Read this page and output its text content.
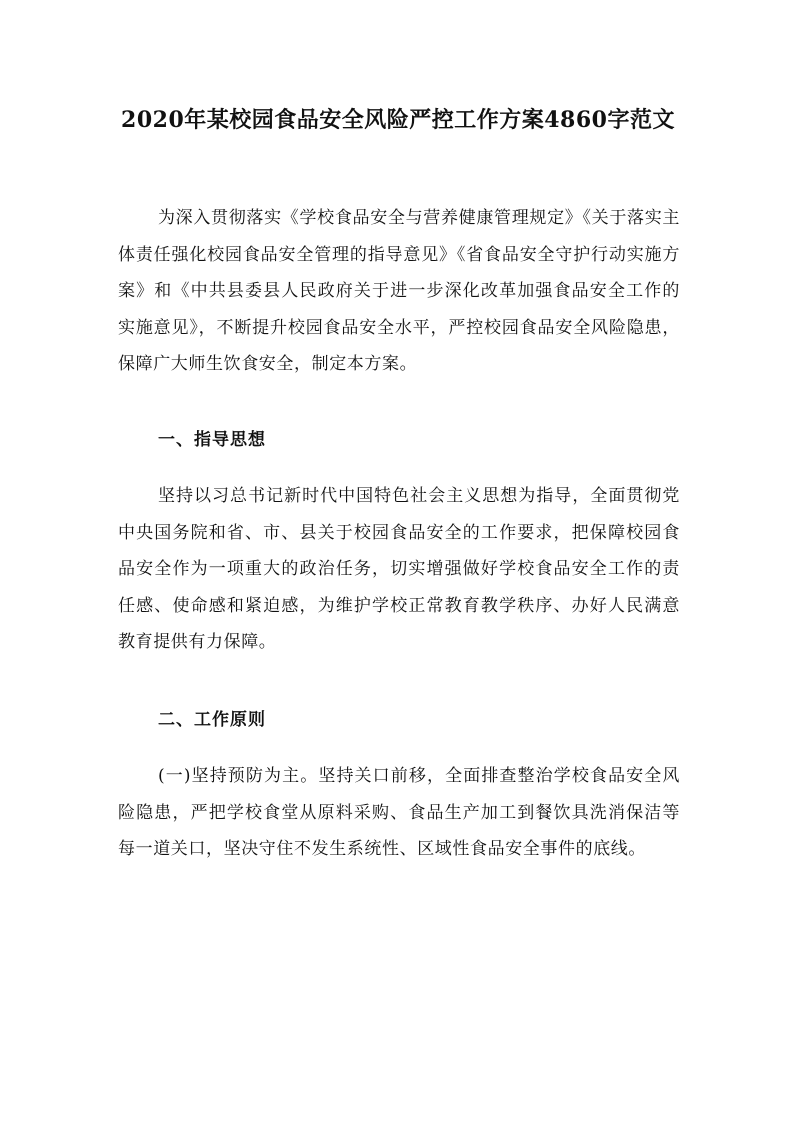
2020年某校园食品安全风险严控工作方案4860字范文

为深入贯彻落实《学校食品安全与营养健康管理规定》《关于落实主体责任强化校园食品安全管理的指导意见》《省食品安全守护行动实施方案》和《中共县委县人民政府关于进一步深化改革加强食品安全工作的实施意见》，不断提升校园食品安全水平，严控校园食品安全风险隐患，保障广大师生饮食安全，制定本方案。

一、指导思想

坚持以习总书记新时代中国特色社会主义思想为指导，全面贯彻党中央国务院和省、市、县关于校园食品安全的工作要求，把保障校园食品安全作为一项重大的政治任务，切实增强做好学校食品安全工作的责任感、使命感和紧迫感，为维护学校正常教育教学秩序、办好人民满意教育提供有力保障。

二、工作原则

(一)坚持预防为主。坚持关口前移，全面排查整治学校食品安全风险隐患，严把学校食堂从原料采购、食品生产加工到餐饮具洗消保洁等每一道关口，坚决守住不发生系统性、区域性食品安全事件的底线。
